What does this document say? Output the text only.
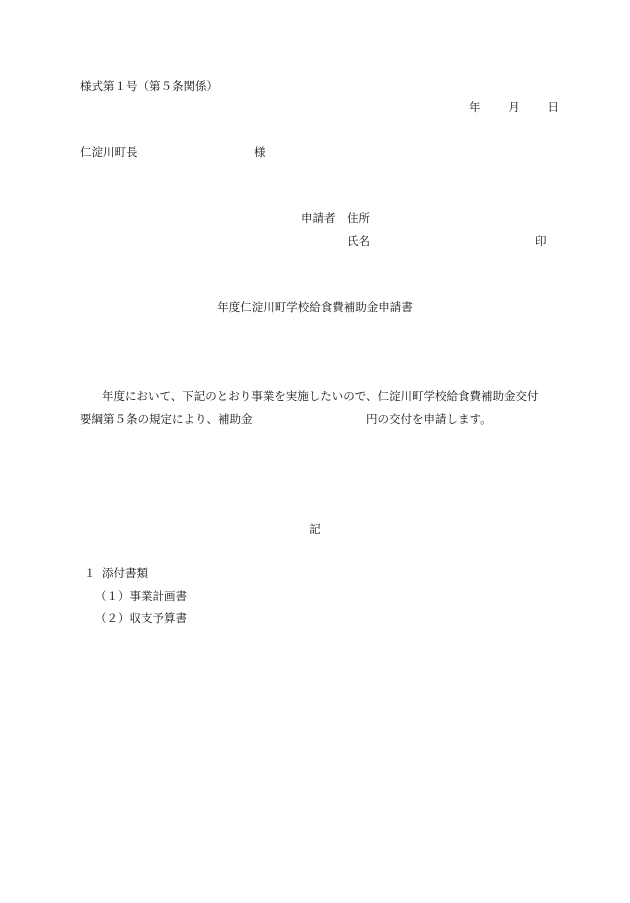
様式第１号（第５条関係）
年 月 日
仁淀川町長	様
申請者 住所
氏名	印
年度仁淀川町学校給食費補助金申請書
年度において、下記のとおり事業を実施したいので、仁淀川町学校給食費補助金交付
要綱第５条の規定により、補助金	円の交付を申請します。
記
１ 添付書類
（１）事業計画書
（２）収支予算書
